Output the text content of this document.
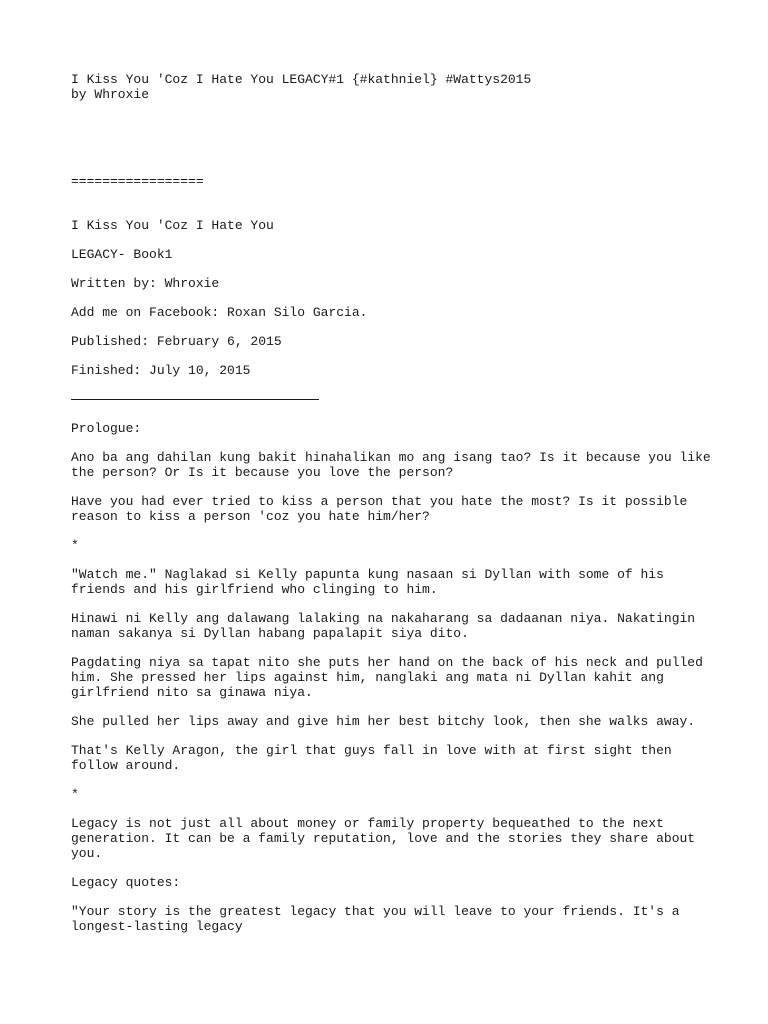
I Kiss You 'Coz I Hate You LEGACY#1 {#kathniel} #Wattys2015
by Whroxie
=================

I Kiss You 'Coz I Hate You

LEGACY- Book1

Written by: Whroxie

Add me on Facebook: Roxan Silo Garcia.

Published: February 6, 2015

Finished: July 10, 2015

Prologue:

Ano ba ang dahilan kung bakit hinahalikan mo ang isang tao? Is it because you like the person? Or Is it because you love the person?

Have you had ever tried to kiss a person that you hate the most? Is it possible reason to kiss a person 'coz you hate him/her?

*

"Watch me." Naglakad si Kelly papunta kung nasaan si Dyllan with some of his friends and his girlfriend who clinging to him.

Hinawi ni Kelly ang dalawang lalaking na nakaharang sa dadaanan niya. Nakatingin naman sakanya si Dyllan habang papalapit siya dito.

Pagdating niya sa tapat nito she puts her hand on the back of his neck and pulled him. She pressed her lips against him, nanglaki ang mata ni Dyllan kahit ang girlfriend nito sa ginawa niya.

She pulled her lips away and give him her best bitchy look, then she walks away.

That's Kelly Aragon, the girl that guys fall in love with at first sight then follow around.

*

Legacy is not just all about money or family property bequeathed to the next generation. It can be a family reputation, love and the stories they share about you.

Legacy quotes:

"Your story is the greatest legacy that you will leave to your friends. It's a longest-lasting legacy
